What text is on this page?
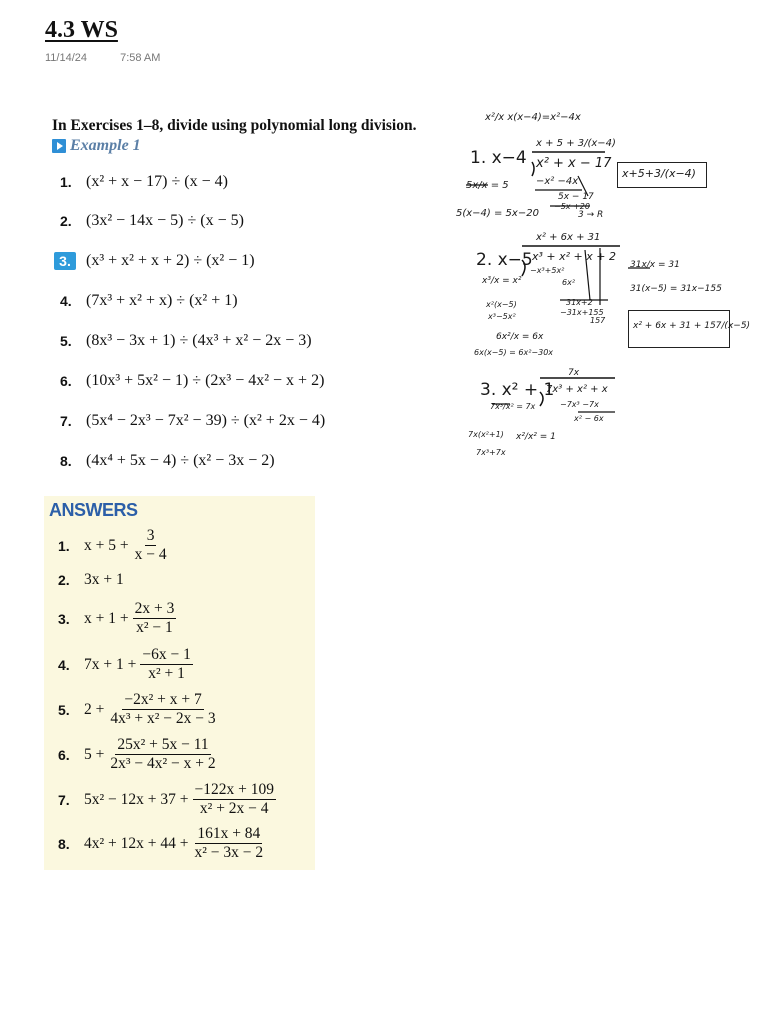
4.3 WS
11/14/24	7:58 AM
In Exercises 1–8, divide using polynomial long division.
Example 1
1. (x² + x − 17) ÷ (x − 4)
2. (3x² − 14x − 5) ÷ (x − 5)
3. (x³ + x² + x + 2) ÷ (x² − 1)
4. (7x³ + x² + x) ÷ (x² + 1)
5. (8x³ − 3x + 1) ÷ (4x³ + x² − 2x − 3)
6. (10x³ + 5x² − 1) ÷ (2x³ − 4x² − x + 2)
7. (5x⁴ − 2x³ − 7x² − 39) ÷ (x² + 2x − 4)
8. (4x⁴ + 5x − 4) ÷ (x² − 3x − 2)
ANSWERS
1. $x + 5 + \frac{3}{x - 4}$
2. 3x + 1
3. $x + 1 + \frac{2x + 3}{\text{x² − 1}}$
4. $7x + 1 + \frac{-6x - 1}{\text{x² + 1}}$
5. $2 + \frac{\text{−2x² + x + 7}}{\text{4x³ + x² − 2x − 3}}$
6. $5 + \frac{\text{25x² + 5x − 11}}{\text{2x³ − 4x² − x + 2}}$
7. $5x^2 - 12x + 37 + \frac{-122x + 109}{\text{x² + 2x − 4}}$
8. $4x^2 + 12x + 44 + \frac{161x + 84}{\text{x² − 3x − 2}}$
x²/x x(x−4)=x²−4x
1. x−4
x + 5 + 3/(x−4)
x² + x − 17
−x² −4x
5x − 17
−5x +20
3 → R
5x/x = 5
5(x−4) = 5x−20
x+5+3/(x−4)
2. x−5
x² + 6x + 31
x³ + x² + x + 2
−x³+5x²
6x²
31x+2
−31x+155
157
x³/x = x²
x²(x−5)
x³−5x²
6x²/x = 6x
6x(x−5) = 6x²−30x
31x/x = 31
31(x−5) = 31x−155
x² + 6x + 31 + 157/(x−5)
3. x² + 1
7x
7x³ + x² + x
−7x³ −7x
x² − 6x
7x³/x² = 7x
7x(x²+1)
7x³+7x
x²/x² = 1
